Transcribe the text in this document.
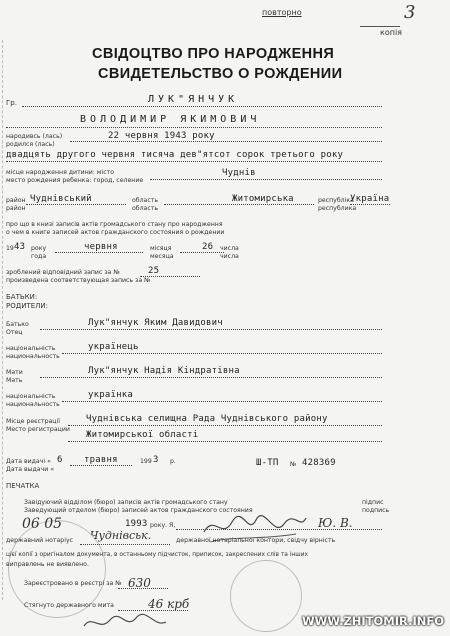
повторно	3
копія
СВІДОЦТВО ПРО НАРОДЖЕННЯ
СВИДЕТЕЛЬСТВО О РОЖДЕНИИ
Гр.	ЛУК"ЯНЧУК
ВОЛОДИМИР ЯКИМОВИЧ
народивсь (лась)
родился (лась)
22 червня 1943 року
двадцять другого червня тисяча дев"ятсот сорок третього року
місце народження дитини: місто
место рождения ребенка: город, селение
Чуднів
район
район
Чуднівський	область
область
Житомирська	республіка
республика
Україна
про що в книзі записів актів громадського стану про народження
о чем в книге записей актов гражданского состояния о рождении
19 43 року
года
червня	місяця
месяца
26 числа
числа
зроблений відповідний запис за №
произведена соответствующая запись за №
25
БАТЬКИ:
РОДИТЕЛИ:
Батько
Отец
Лук"янчук Яким Давидович
національність
национальность
українець
Мати
Мать
Лук"янчук Надія Кіндратівна
національність
национальность
українка
Місце реєстрації
Место регистрации
Чуднівська селищна Рада Чуднівського району
Житомирської області
Дата видачі «
Дата выдачи «
6 травня	199 3 р.	Ш-ТП № 428369
ПЕЧАТКА
Завідуючий відділом (бюро) записів актів громадського стану
Заведующий отделом (бюро) записей актов гражданского состояния
підпис
подпись
06 05	1993 року. Я,	Ю. В.
державний нотаріус	державної нотаріальної контори, свідчу вірність
Чуднівськ.
цієї копії з оригіналом документа, в останньому підчисток, приписок, закреслених слів та інших
виправлень не виявлено.
Зареєстровано в реєстрі за № 630
Стягнуто державного мита	46 крб
WWW.ZHITOMIR.INFO
